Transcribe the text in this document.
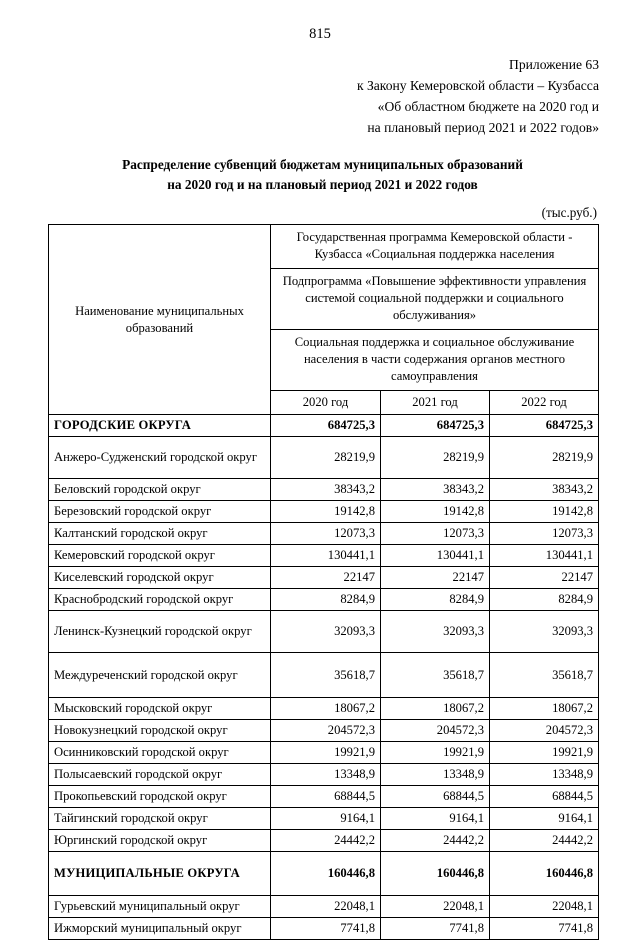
815
Приложение 63
к Закону Кемеровской области – Кузбасса
«Об областном бюджете на 2020 год и
на плановый период 2021 и 2022 годов»
Распределение субвенций бюджетам муниципальных образований
на 2020 год и на плановый период 2021 и 2022 годов
(тыс.руб.)
Наименование муниципальных образований	Государственная программа Кемеровской области - Кузбасса «Социальная поддержка населения		
	Подпрограмма «Повышение эффективности управления системой социальной поддержки и социального обслуживания»		
	Социальная поддержка и социальное обслуживание населения в части содержания органов местного самоуправления		
	2020 год	2021 год	2022 год
ГОРОДСКИЕ ОКРУГА	684725,3	684725,3	684725,3
Анжеро-Судженский городской округ	28219,9	28219,9	28219,9
Беловский городской округ	38343,2	38343,2	38343,2
Березовский городской округ	19142,8	19142,8	19142,8
Калтанский городской округ	12073,3	12073,3	12073,3
Кемеровский городской округ	130441,1	130441,1	130441,1
Киселевский городской округ	22147	22147	22147
Краснобродский городской округ	8284,9	8284,9	8284,9
Ленинск-Кузнецкий городской округ	32093,3	32093,3	32093,3
Междуреченский городской округ	35618,7	35618,7	35618,7
Мысковский городской округ	18067,2	18067,2	18067,2
Новокузнецкий городской округ	204572,3	204572,3	204572,3
Осинниковский городской округ	19921,9	19921,9	19921,9
Полысаевский городской округ	13348,9	13348,9	13348,9
Прокопьевский городской округ	68844,5	68844,5	68844,5
Тайгинский городской округ	9164,1	9164,1	9164,1
Юргинский городской округ	24442,2	24442,2	24442,2
МУНИЦИПАЛЬНЫЕ ОКРУГА	160446,8	160446,8	160446,8
Гурьевский муниципальный округ	22048,1	22048,1	22048,1
Ижморский муниципальный округ	7741,8	7741,8	7741,8
